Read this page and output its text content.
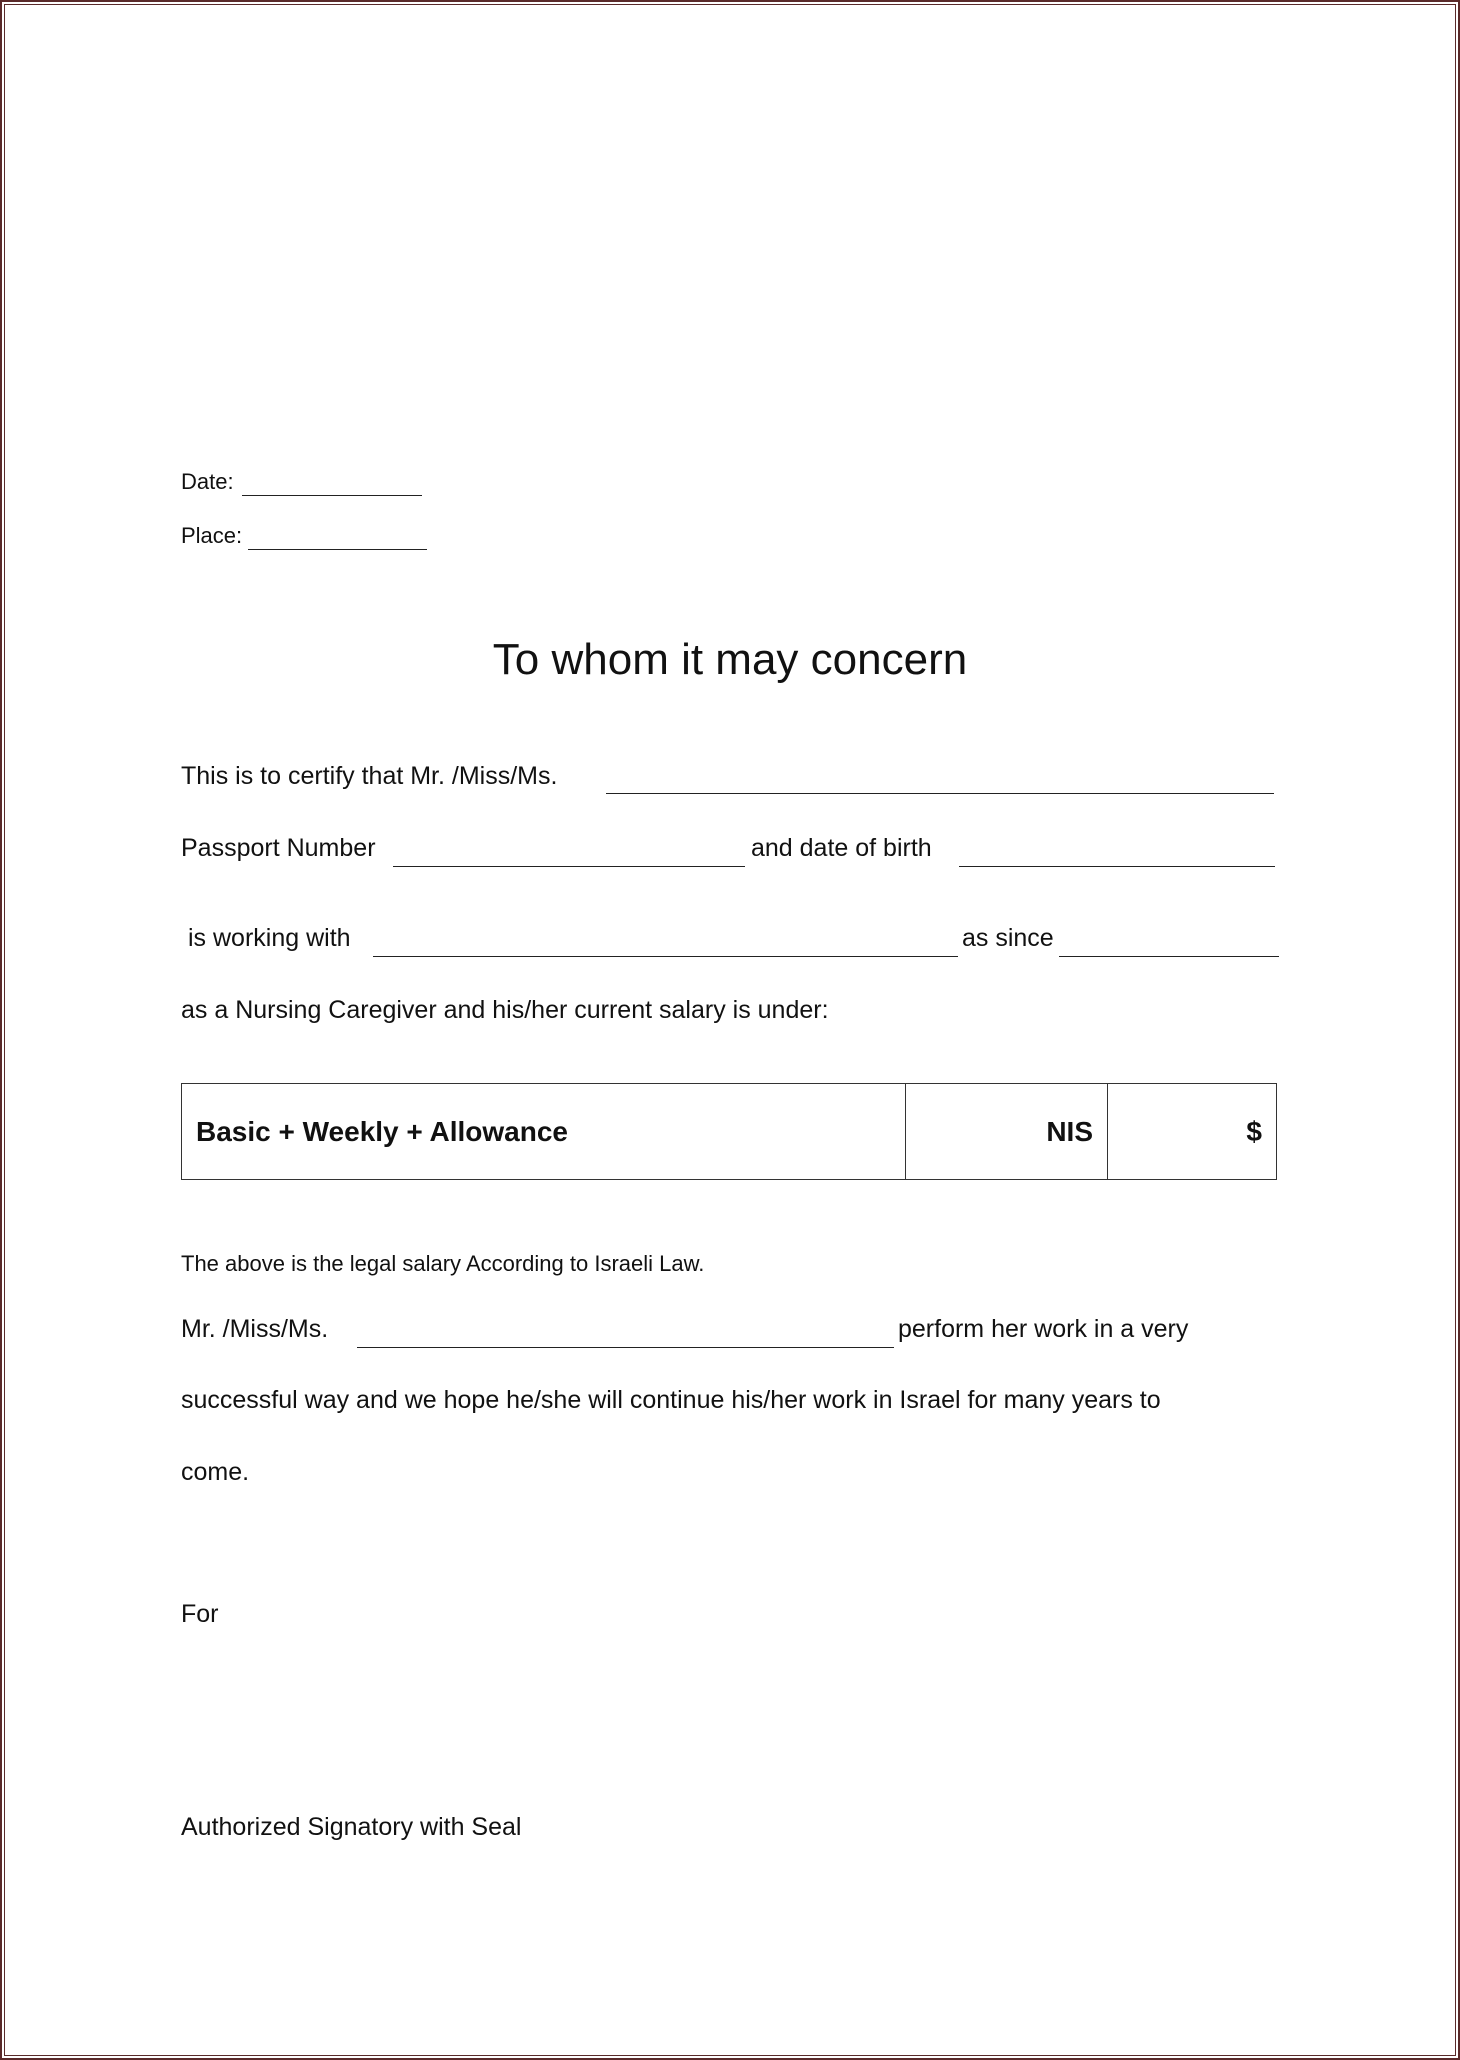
Date:
Place:
To whom it may concern
This is to certify that Mr. /Miss/Ms.
Passport Number	and date of birth
is working with	as since
as a Nursing Caregiver and his/her current salary is under:
Basic + Weekly + Allowance	NIS	$
The above is the legal salary According to Israeli Law.
Mr. /Miss/Ms.	perform her work in a very
successful way and we hope he/she will continue his/her work in Israel for many years to
come.
For
Authorized Signatory with Seal
